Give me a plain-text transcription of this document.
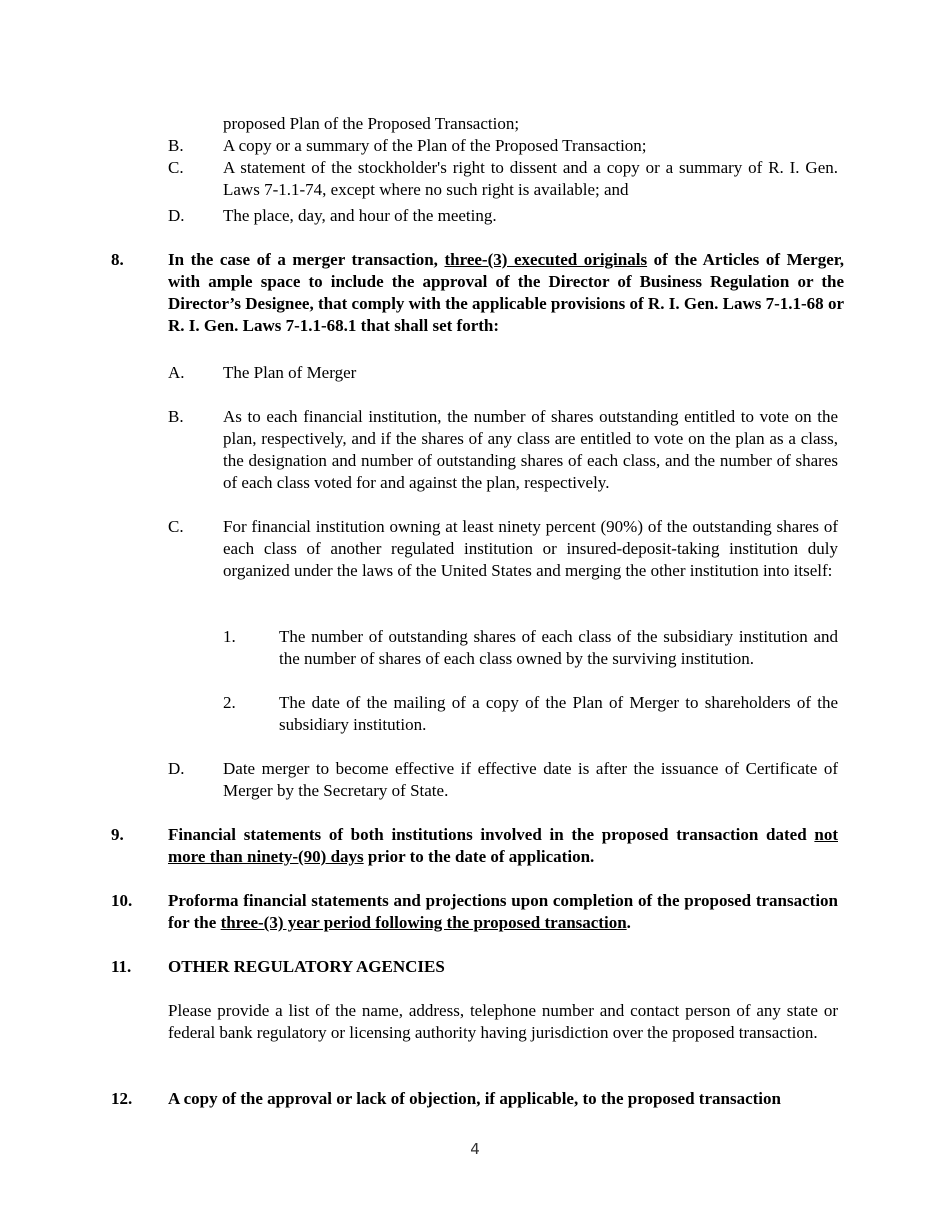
proposed Plan of the Proposed Transaction;
B. A copy or a summary of the Plan of the Proposed Transaction;
C. A statement of the stockholder's right to dissent and a copy or a summary of R. I. Gen. Laws 7-1.1-74, except where no such right is available; and
D. The place, day, and hour of the meeting.
8.	In the case of a merger transaction, three-(3) executed originals of the Articles of Merger, with ample space to include the approval of the Director of Business Regulation or the Director’s Designee, that comply with the applicable provisions of R. I. Gen. Laws 7-1.1-68 or R. I. Gen. Laws 7-1.1-68.1 that shall set forth:
A. The Plan of Merger
B. As to each financial institution, the number of shares outstanding entitled to vote on the plan, respectively, and if the shares of any class are entitled to vote on the plan as a class, the designation and number of outstanding shares of each class, and the number of shares of each class voted for and against the plan, respectively.
C. For financial institution owning at least ninety percent (90%) of the outstanding shares of each class of another regulated institution or insured-deposit-taking institution duly organized under the laws of the United States and merging the other institution into itself:
1.	The number of outstanding shares of each class of the subsidiary institution and the number of shares of each class owned by the surviving institution.
2.	The date of the mailing of a copy of the Plan of Merger to shareholders of the subsidiary institution.
D. Date merger to become effective if effective date is after the issuance of Certificate of Merger by the Secretary of State.
9.	Financial statements of both institutions involved in the proposed transaction dated not more than ninety-(90) days prior to the date of application.
10. Proforma financial statements and projections upon completion of the proposed transaction for the three-(3) year period following the proposed transaction.
11. OTHER REGULATORY AGENCIES
Please provide a list of the name, address, telephone number and contact person of any state or federal bank regulatory or licensing authority having jurisdiction over the proposed transaction.
12. A copy of the approval or lack of objection, if applicable, to the proposed transaction
4
